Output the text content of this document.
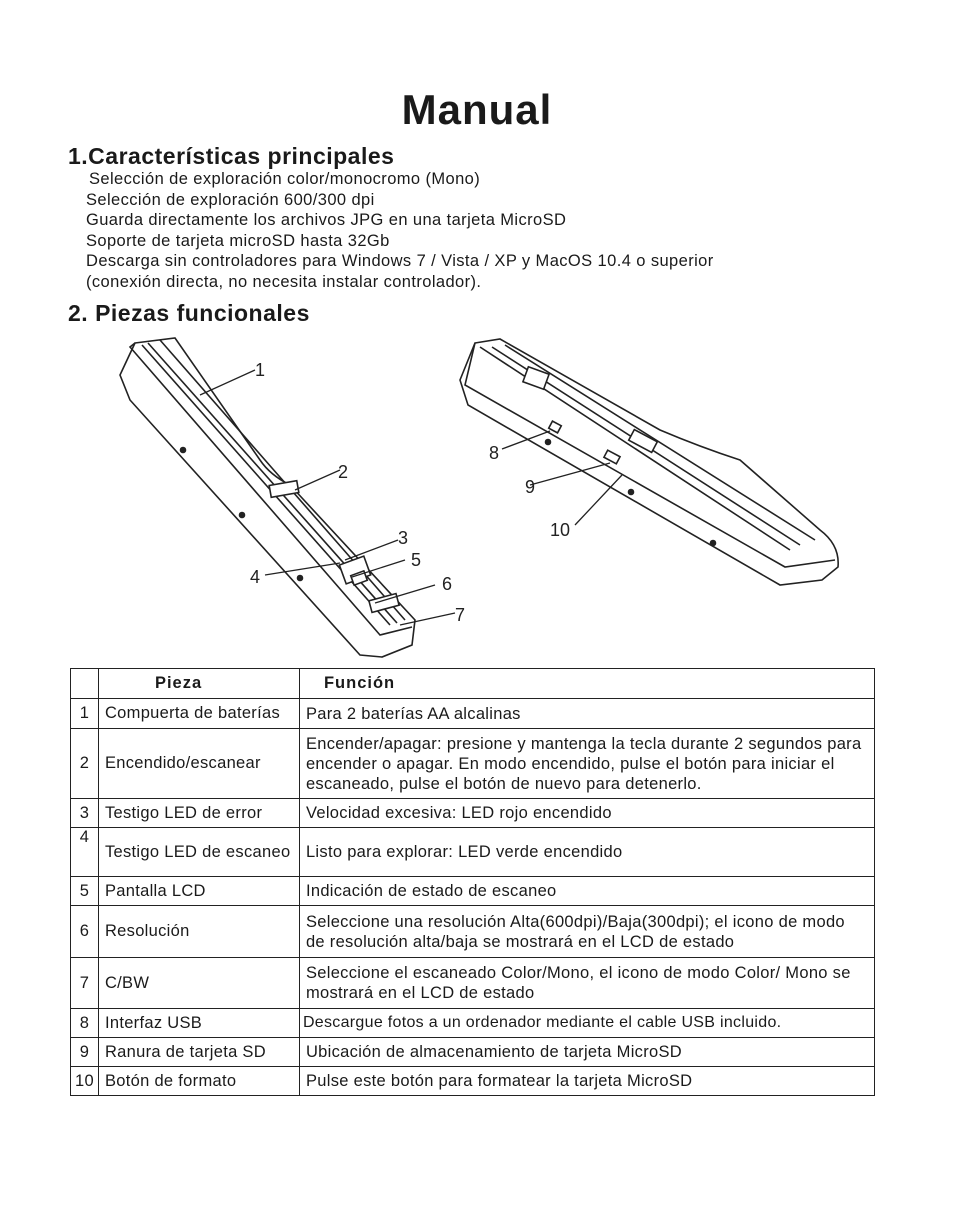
Manual
1.Características principales
Selección de exploración color/monocromo (Mono)
Selección de exploración 600/300 dpi
Guarda directamente los archivos JPG en una tarjeta MicroSD
Soporte de tarjeta microSD hasta 32Gb
Descarga sin controladores para Windows 7 / Vista / XP y MacOS 10.4 o superior
(conexión directa, no necesita instalar controlador).
2. Piezas funcionales
1
2
3
4
5
6
7
8
9
10
	Pieza	Función
1	Compuerta de baterías	Para 2 baterías AA alcalinas
2	Encendido/escanear	Encender/apagar: presione y mantenga la tecla durante 2 segundos para encender o apagar. En modo encendido, pulse el botón para iniciar el escaneado, pulse el botón de nuevo para detenerlo.
3	Testigo LED de error	Velocidad excesiva: LED rojo encendido
4	Testigo LED de escaneo	Listo para explorar: LED verde encendido
5	Pantalla LCD	Indicación de estado de escaneo
6	Resolución	Seleccione una resolución Alta(600dpi)/Baja(300dpi); el icono de modo de resolución alta/baja se mostrará en el LCD de estado
7	C/BW	Seleccione el escaneado Color/Mono, el icono de modo Color/ Mono se mostrará en el LCD de estado
8	Interfaz USB	Descargue fotos a un ordenador mediante el cable USB incluido.
9	Ranura de tarjeta SD	Ubicación de almacenamiento de tarjeta MicroSD
10	Botón de formato	Pulse este botón para formatear la tarjeta MicroSD
